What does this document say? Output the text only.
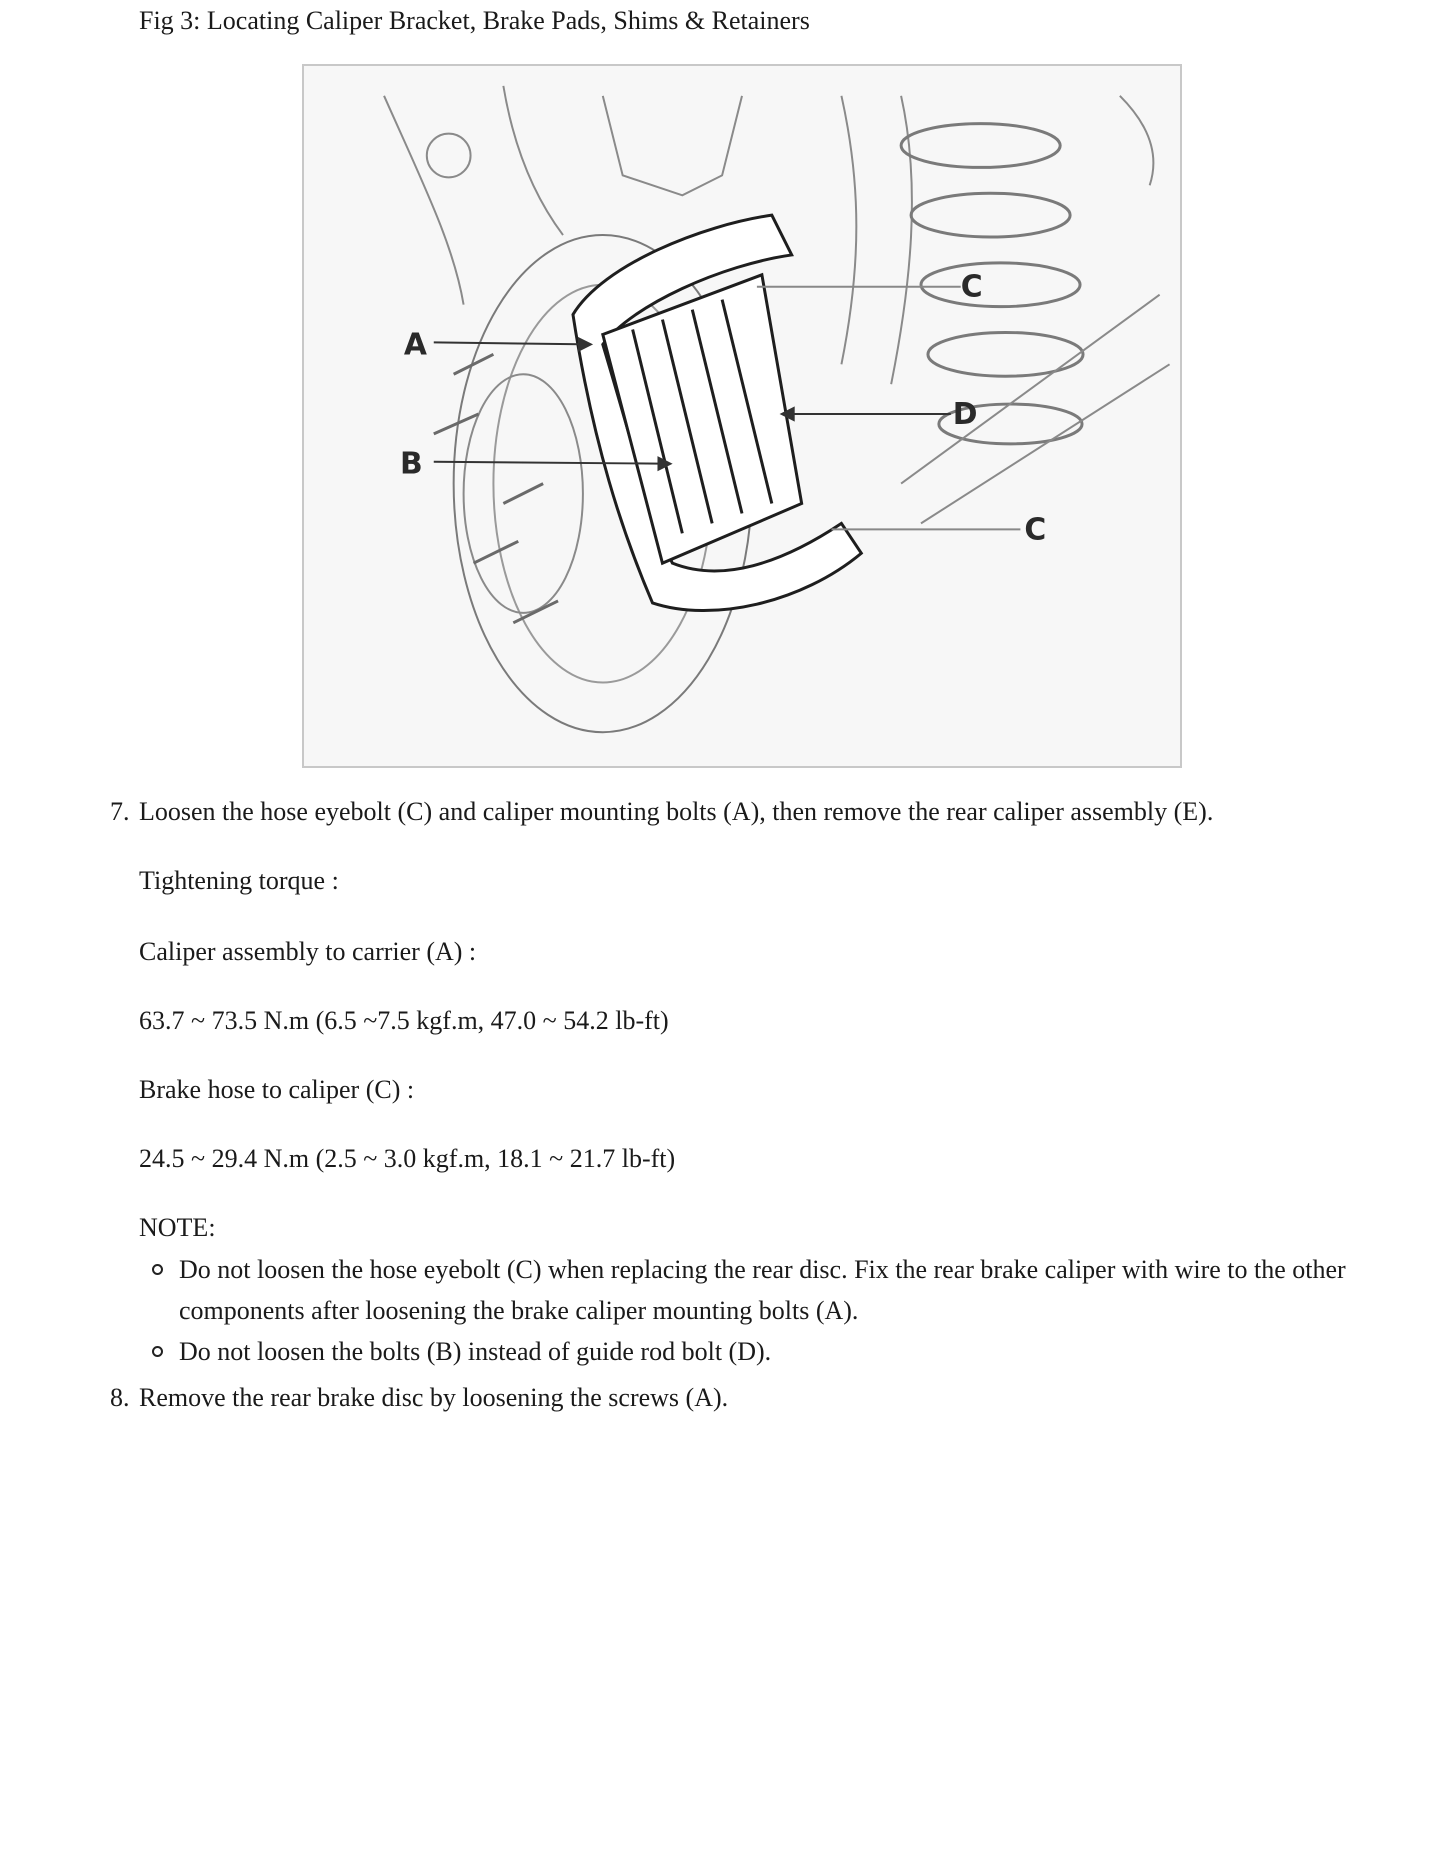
Fig 3: Locating Caliper Bracket, Brake Pads, Shims & Retainers
A
B
C
D
C
7. Loosen the hose eyebolt (C) and caliper mounting bolts (A), then remove the rear caliper assembly (E).
Tightening torque :
Caliper assembly to carrier (A) :
63.7 ~ 73.5 N.m (6.5 ~7.5 kgf.m, 47.0 ~ 54.2 lb-ft)
Brake hose to caliper (C) :
24.5 ~ 29.4 N.m (2.5 ~ 3.0 kgf.m, 18.1 ~ 21.7 lb-ft)
NOTE:
Do not loosen the hose eyebolt (C) when replacing the rear disc. Fix the rear brake caliper with wire to the other components after loosening the brake caliper mounting bolts (A).
Do not loosen the bolts (B) instead of guide rod bolt (D).
8. Remove the rear brake disc by loosening the screws (A).
